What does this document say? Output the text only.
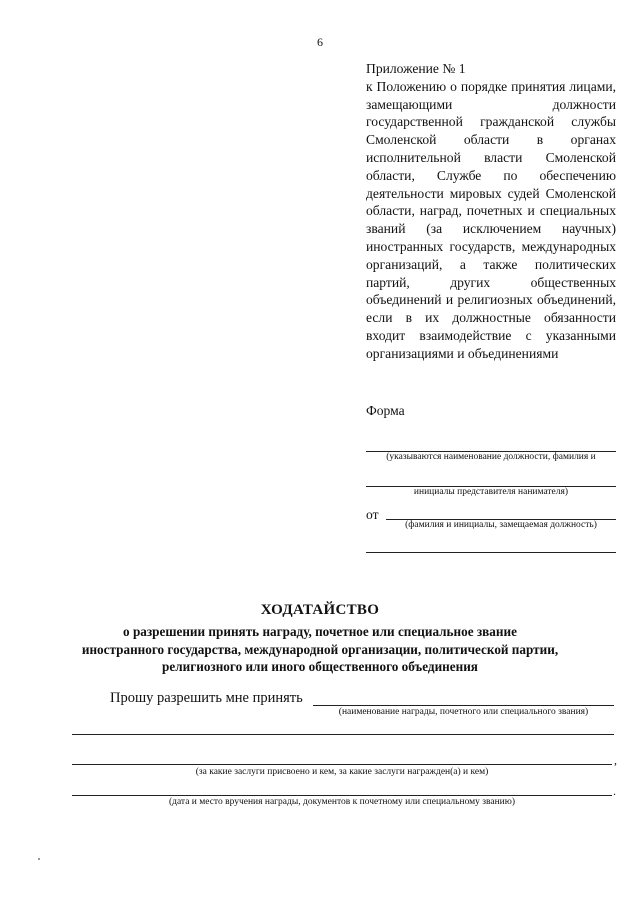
6

Приложение № 1

к Положению о порядке принятия лицами, замещающими должности государственной гражданской службы Смоленской области в органах исполнительной власти Смоленской области, Службе по обеспечению деятельности мировых судей Смоленской области, наград, почетных и специальных званий (за исключением научных) иностранных государств, международных организаций, а также политических партий, других общественных объединений и религиозных объединений, если в их должностные обязанности входит взаимодействие с указанными организациями и объединениями

Форма
(указываются наименование должности, фамилия и
инициалы представителя нанимателя)
от
(фамилия и инициалы, замещаемая должность)
ХОДАТАЙСТВО
о разрешении принять награду, почетное или специальное звание
иностранного государства, международной организации, политической партии,
религиозного или иного общественного объединения
Прошу разрешить мне принять
(наименование награды, почетного или специального звания)
,
(за какие заслуги присвоено и кем, за какие заслуги награжден(а) и кем)
.
(дата и место вручения награды, документов к почетному или специальному званию)
